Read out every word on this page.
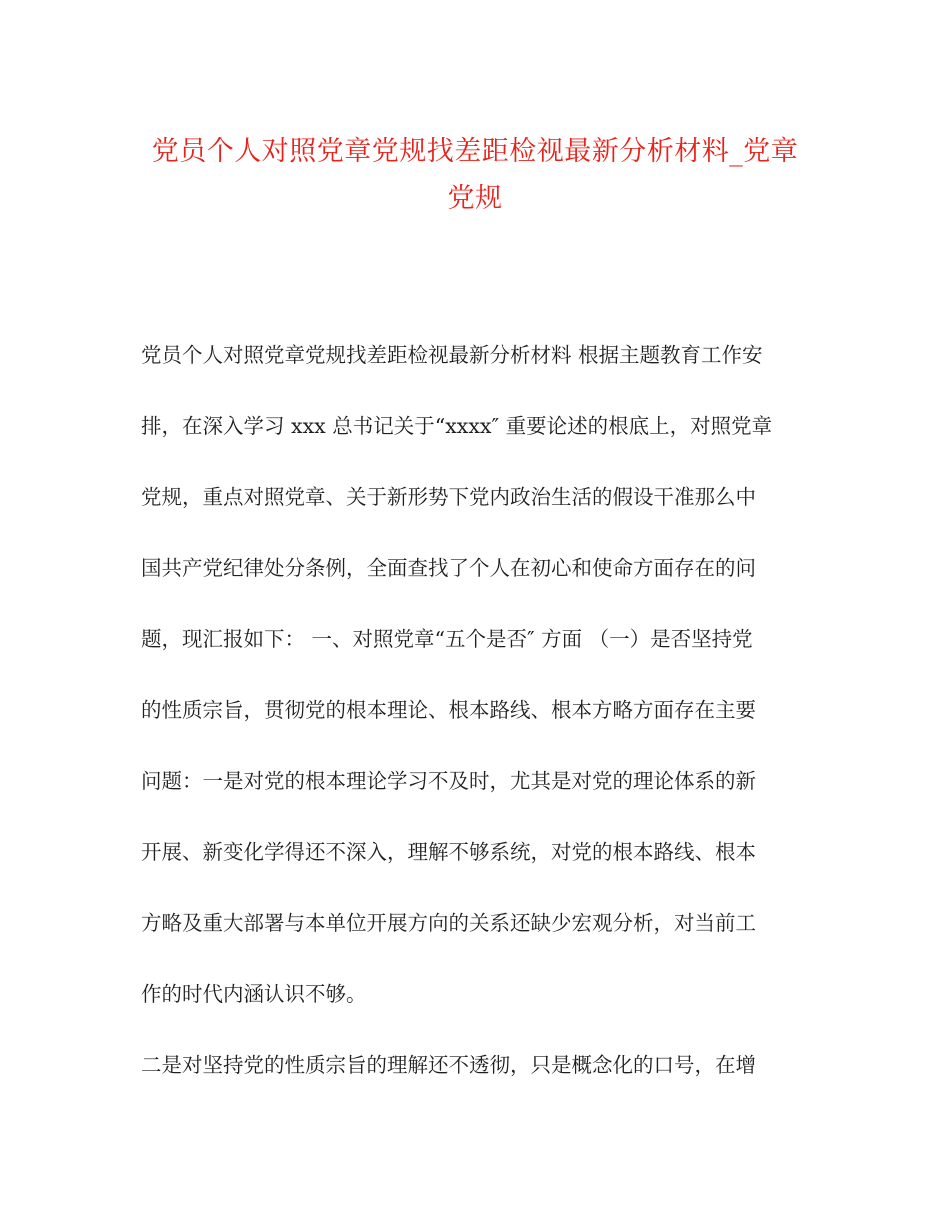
党员个人对照党章党规找差距检视最新分析材料_党章
党规
党员个人对照党章党规找差距检视最新分析材料 根据主题教育工作安
排，在深入学习 xxx 总书记关于“xxxx″ 重要论述的根底上，对照党章
党规，重点对照党章、关于新形势下党内政治生活的假设干准那么中
国共产党纪律处分条例，全面查找了个人在初心和使命方面存在的问
题，现汇报如下： 一、对照党章“五个是否″ 方面 （一）是否坚持党
的性质宗旨，贯彻党的根本理论、根本路线、根本方略方面存在主要
问题：一是对党的根本理论学习不及时，尤其是对党的理论体系的新
开展、新变化学得还不深入，理解不够系统，对党的根本路线、根本
方略及重大部署与本单位开展方向的关系还缺少宏观分析，对当前工
作的时代内涵认识不够。
二是对坚持党的性质宗旨的理解还不透彻，只是概念化的口号，在增
